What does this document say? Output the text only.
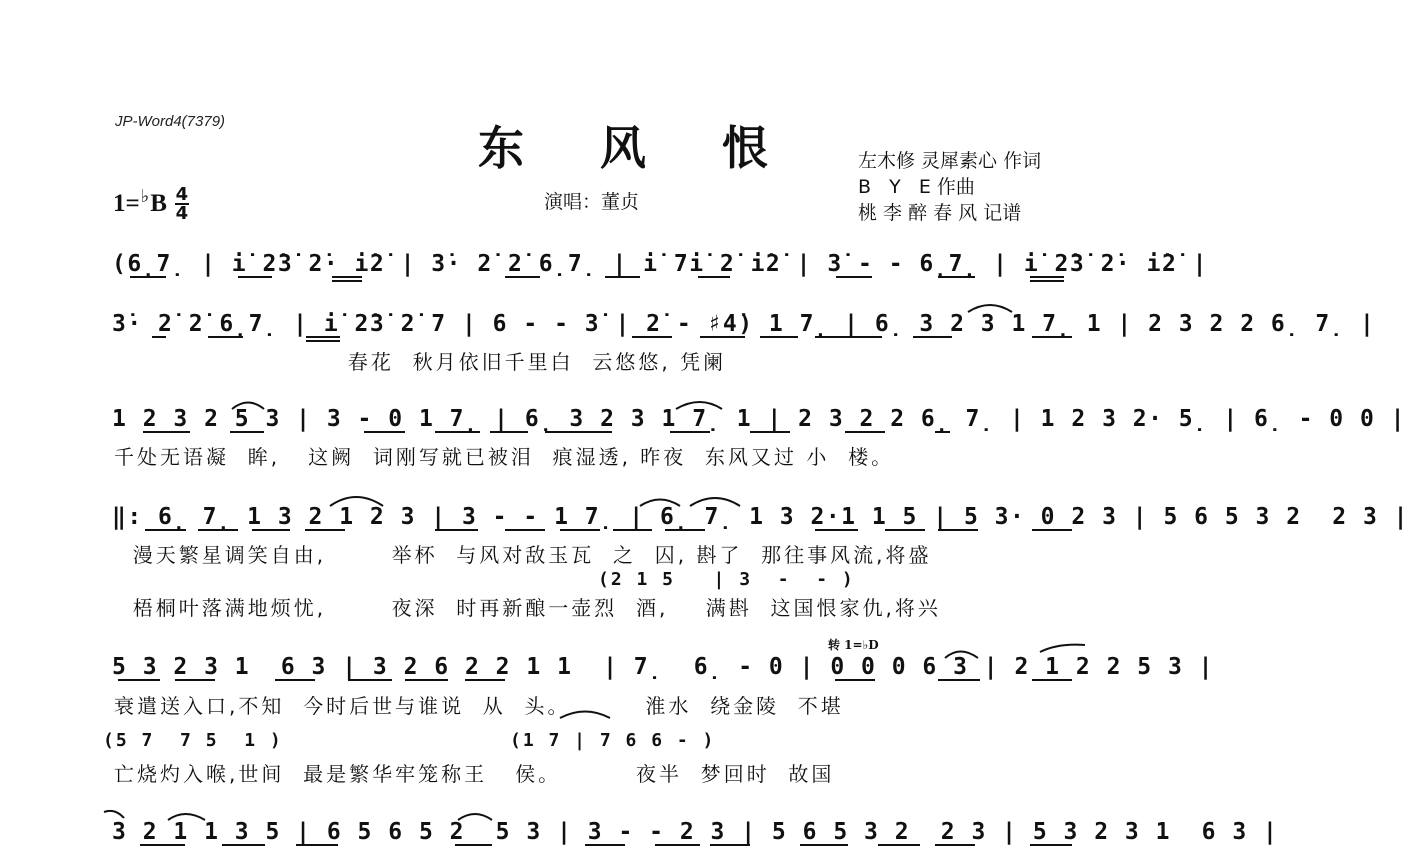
JP-Word4(7379)	东 风 恨	左木修 灵犀素心 作词
B   Y   E 作曲
桃 李 醉 春 风 记谱
演唱：董贞
1= ♭ B 4
4
(6̣7̣ | i̇ 2̇3̇ 2̇· i̇2̇ | 3̇· 2̇ 2̇ 6̣7̣ | i̇ 7i̇ 2̇ i̇2̇ | 3̇ - - 6̣7̣ | i̇ 2̇3̇ 2̇· i̇2̇ |
3̇· 2̇ 2̇ 6̣7̣ | i̇ 2̇3̇ 2̇ 7 | 6 - - 3̇ | 2̇ - ♯4̇) 1 7̣ | 6̣ 3 2 3 1 7̣ 1 | 2 3 2 2 6̣ 7̣ |
春花  秋月依旧千里白  云悠悠, 凭阑
1 2 3 2 5 3 | 3 - 0 1 7̣ | 6̣ 3 2 3 1 7̣ 1 | 2 3 2 2 6̣ 7̣ | 1 2 3 2· 5̣ | 6̣ - 0 0 |
千处无语凝  眸,   这阙  词刚写就已被泪  痕湿透, 昨夜  东风又过 小  楼。
‖: 6̣ 7̣ 1 3 2 1 2 3 | 3 - - 1 7̣ | 6̣ 7̣ 1 3 2·1 1 5 | 5 3· 0 2 3 | 5 6 5 3 2  2 3 |
漫天繁星调笑自由,       举杯  与风对敌玉瓦  之  囚, 斟了  那往事风流,将盛
(2 1 5   | 3  -  - )
梧桐叶落满地烦忧,       夜深  时再新酿一壶烈  酒,    满斟  这国恨家仇,将兴
转 1=♭D
5 3 2 3 1  6 3 | 3 2 6 2 2 1 1  | 7̣  6̣ - 0 | 0 0 0 6 3 | 2 1 2 2 5 3 |
衰遣送入口,不知  今时后世与谁说  从  头。        淮水  绕金陵  不堪
(5 7  7 5  1 )	(1 7 | 7 6 6 - )
亡烧灼入喉,世间  最是繁华牢笼称王   侯。        夜半  梦回时  故国
3 2 1 1 3 5 | 6 5 6 5 2  5 3 | 3 - - 2 3 | 5 6 5 3 2  2 3 | 5 3 2 3 1  6 3 |
